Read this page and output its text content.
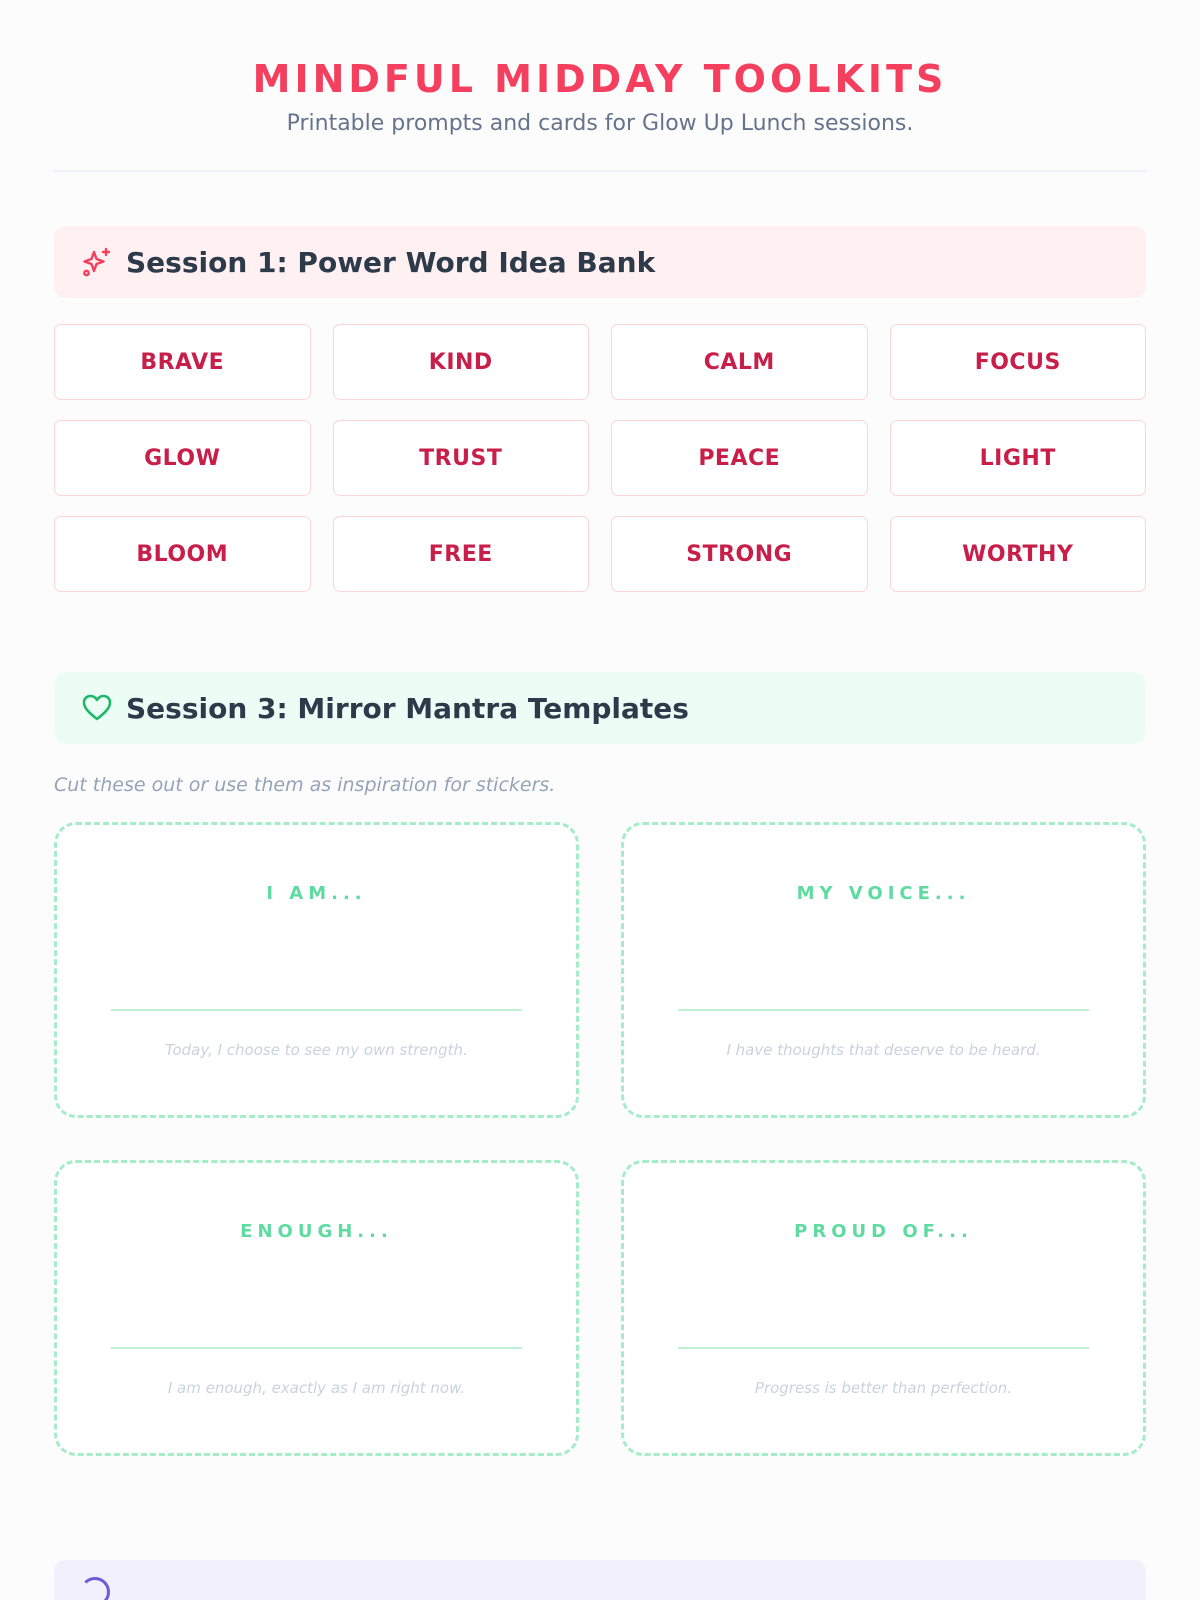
MINDFUL MIDDAY TOOLKITS

Printable prompts and cards for Glow Up Lunch sessions.

Session 1: Power Word Idea Bank
BRAVE	KIND	CALM	FOCUS
GLOW	TRUST	PEACE	LIGHT
BLOOM	FREE	STRONG	WORTHY
Session 3: Mirror Mantra Templates

Cut these out or use them as inspiration for stickers.

I AM...
Today, I choose to see my own strength.
MY VOICE...
I have thoughts that deserve to be heard.
ENOUGH...
I am enough, exactly as I am right now.
PROUD OF...
Progress is better than perfection.
